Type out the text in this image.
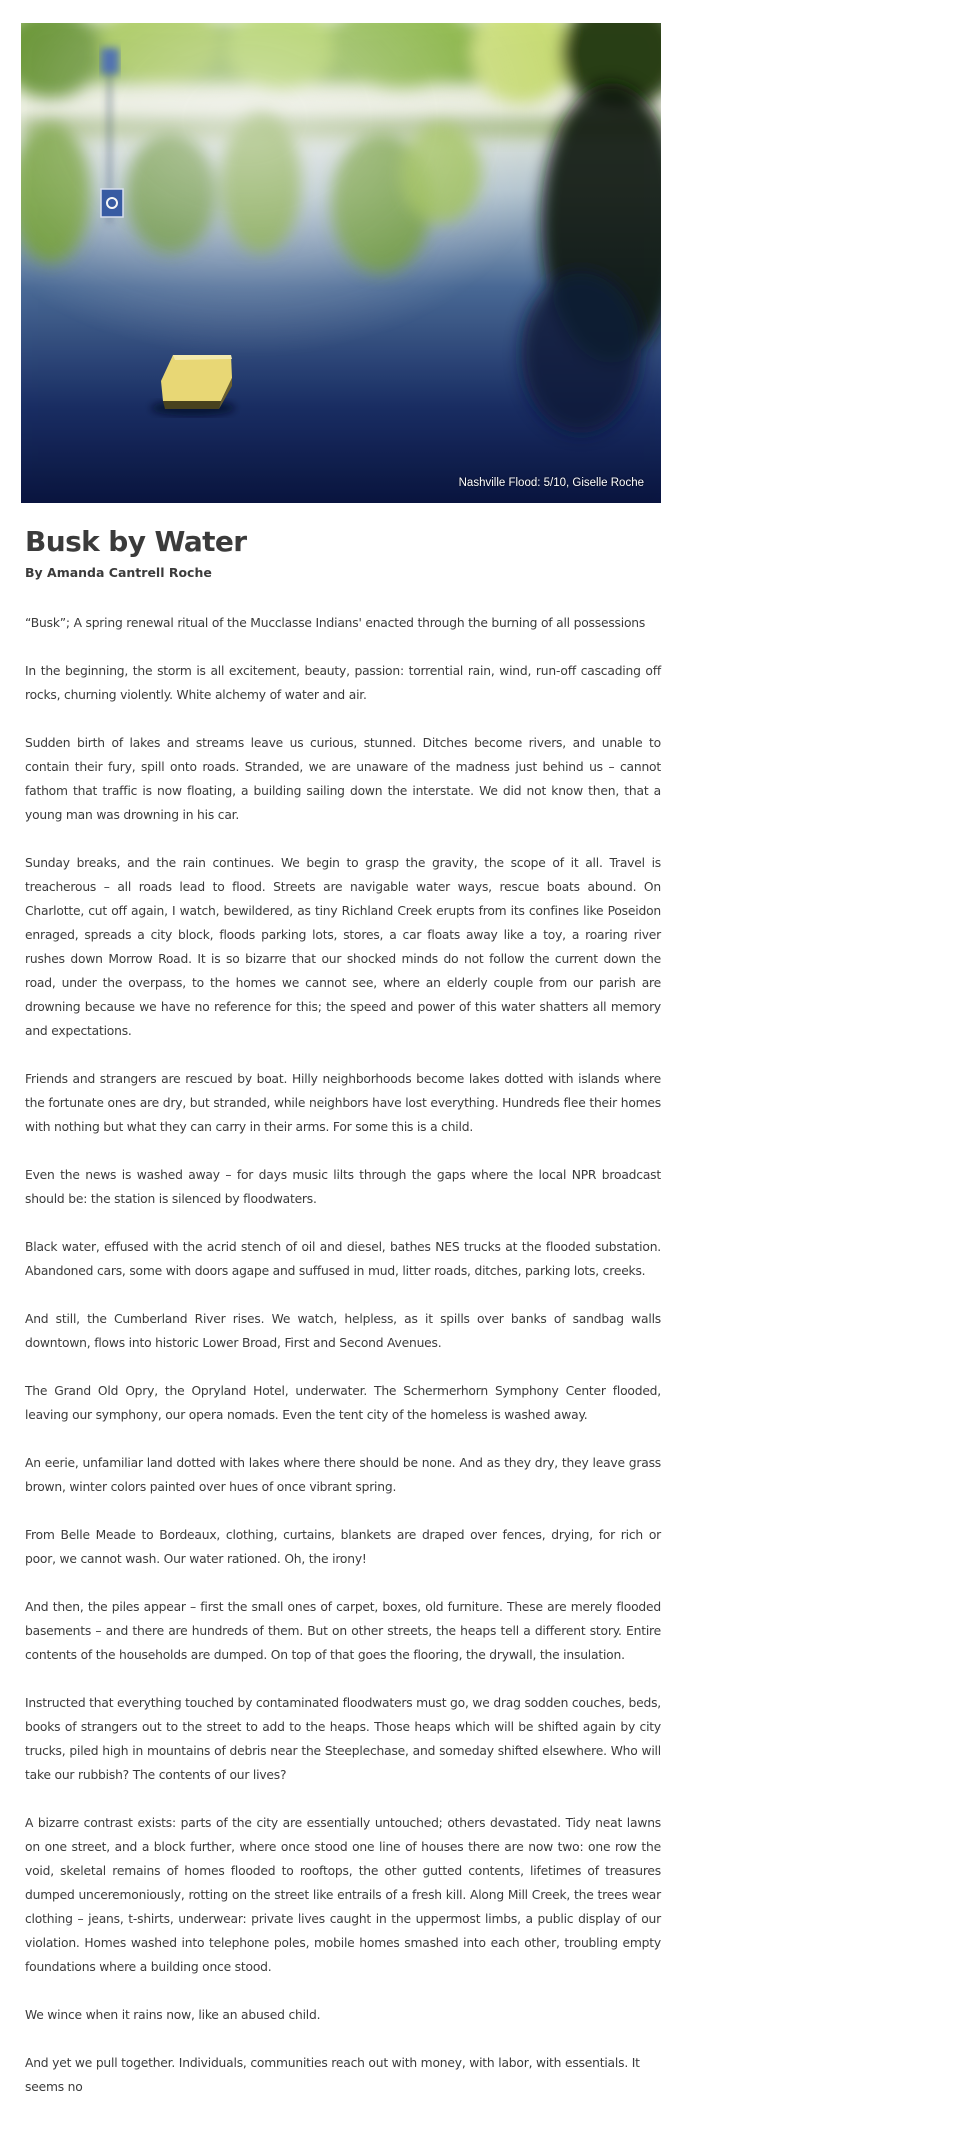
Nashville Flood: 5/10, Giselle Roche
Busk by Water
By Amanda Cantrell Roche

“Busk”; A spring renewal ritual of the Mucclasse Indians' enacted through the burning of all possessions

In the beginning, the storm is all excitement, beauty, passion: torrential rain, wind, run-off cascading off rocks, churning violently. White alchemy of water and air.

Sudden birth of lakes and streams leave us curious, stunned. Ditches become rivers, and unable to contain their fury, spill onto roads. Stranded, we are unaware of the madness just behind us – cannot fathom that traffic is now floating, a building sailing down the interstate. We did not know then, that a young man was drowning in his car.

Sunday breaks, and the rain continues. We begin to grasp the gravity, the scope of it all. Travel is treacherous – all roads lead to flood. Streets are navigable water ways, rescue boats abound. On Charlotte, cut off again, I watch, bewildered, as tiny Richland Creek erupts from its confines like Poseidon enraged, spreads a city block, floods parking lots, stores, a car floats away like a toy, a roaring river rushes down Morrow Road. It is so bizarre that our shocked minds do not follow the current down the road, under the overpass, to the homes we cannot see, where an elderly couple from our parish are drowning because we have no reference for this; the speed and power of this water shatters all memory and expectations.

Friends and strangers are rescued by boat. Hilly neighborhoods become lakes dotted with islands where the fortunate ones are dry, but stranded, while neighbors have lost everything. Hundreds flee their homes with nothing but what they can carry in their arms. For some this is a child.

Even the news is washed away – for days music lilts through the gaps where the local NPR broadcast should be: the station is silenced by floodwaters.

Black water, effused with the acrid stench of oil and diesel, bathes NES trucks at the flooded substation. Abandoned cars, some with doors agape and suffused in mud, litter roads, ditches, parking lots, creeks.

And still, the Cumberland River rises. We watch, helpless, as it spills over banks of sandbag walls downtown, flows into historic Lower Broad, First and Second Avenues.

The Grand Old Opry, the Opryland Hotel, underwater. The Schermerhorn Symphony Center flooded, leaving our symphony, our opera nomads. Even the tent city of the homeless is washed away.

An eerie, unfamiliar land dotted with lakes where there should be none. And as they dry, they leave grass brown, winter colors painted over hues of once vibrant spring.

From Belle Meade to Bordeaux, clothing, curtains, blankets are draped over fences, drying, for rich or poor, we cannot wash. Our water rationed. Oh, the irony!

And then, the piles appear – first the small ones of carpet, boxes, old furniture. These are merely flooded basements – and there are hundreds of them. But on other streets, the heaps tell a different story. Entire contents of the households are dumped. On top of that goes the flooring, the drywall, the insulation.

Instructed that everything touched by contaminated floodwaters must go, we drag sodden couches, beds, books of strangers out to the street to add to the heaps. Those heaps which will be shifted again by city trucks, piled high in mountains of debris near the Steeplechase, and someday shifted elsewhere. Who will take our rubbish? The contents of our lives?

A bizarre contrast exists: parts of the city are essentially untouched; others devastated. Tidy neat lawns on one street, and a block further, where once stood one line of houses there are now two: one row the void, skeletal remains of homes flooded to rooftops, the other gutted contents, lifetimes of treasures dumped unceremoniously, rotting on the street like entrails of a fresh kill. Along Mill Creek, the trees wear clothing – jeans, t-shirts, underwear: private lives caught in the uppermost limbs, a public display of our violation. Homes washed into telephone poles, mobile homes smashed into each other, troubling empty foundations where a building once stood.

We wince when it rains now, like an abused child.

And yet we pull together. Individuals, communities reach out with money, with labor, with essentials. It seems no
